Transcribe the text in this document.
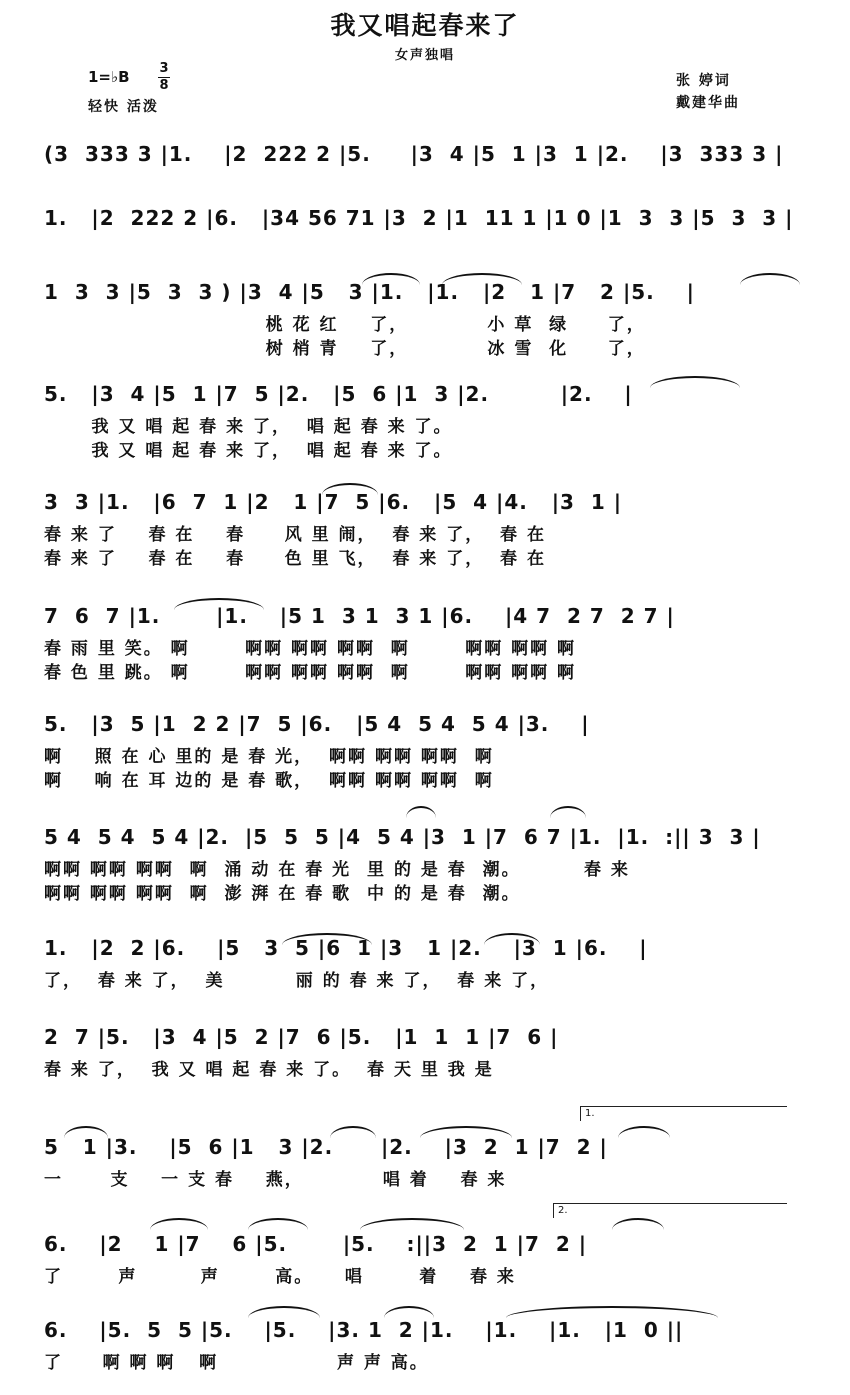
我又唱起春来了
女声独唱
1=♭B 3
8
轻快 活泼
张 婷词
戴建华曲
(3  333 3 |1.    |2  222 2 |5.     |3  4 |5  1 |3  1 |2.    |3  333 3 |
1.   |2  222 2 |6.   |34 56 71 |3  2 |1  11 1 |1 0 |1  3  3 |5  3  3 |
1  3  3 |5  3  3 ) |3  4 |5   3 |1.   |1.   |2   1 |7   2 |5.    |
桃 花 红    了，          小 草  绿     了，
树 梢 青    了，          冰 雪  化     了，
5.   |3  4 |5  1 |7  5 |2.   |5  6 |1  3 |2.         |2.    |
我 又 唱 起 春 来 了，  唱 起 春 来 了。
我 又 唱 起 春 来 了，  唱 起 春 来 了。
3  3 |1.   |6  7  1 |2   1 |7  5 |6.   |5  4 |4.   |3  1 |
春 来 了    春 在    春     风 里 闹，  春 来 了，  春 在
春 来 了    春 在    春     色 里 飞，  春 来 了，  春 在
7  6  7 |1.       |1.    |5 1  3 1  3 1 |6.    |4 7  2 7  2 7 |
春 雨 里 笑。 啊       啊啊 啊啊 啊啊  啊       啊啊 啊啊 啊
春 色 里 跳。 啊       啊啊 啊啊 啊啊  啊       啊啊 啊啊 啊
5.   |3  5 |1  2 2 |7  5 |6.   |5 4  5 4  5 4 |3.    |
啊    照 在 心 里的 是 春 光，  啊啊 啊啊 啊啊  啊
啊    响 在 耳 边的 是 春 歌，  啊啊 啊啊 啊啊  啊
5 4  5 4  5 4 |2.  |5  5  5 |4  5 4 |3  1 |7  6 7 |1.  |1.  :|| 3  3 |
啊啊 啊啊 啊啊  啊  涌 动 在 春 光  里 的 是 春  潮。        春 来
啊啊 啊啊 啊啊  啊  澎 湃 在 春 歌  中 的 是 春  潮。
1.   |2  2 |6.    |5   3  5 |6  1 |3   1 |2.    |3  1 |6.    |
了，  春 来 了，  美         丽 的 春 来 了，  春 来 了，
2  7 |5.   |3  4 |5  2 |7  6 |5.   |1  1  1 |7  6 |
春 来 了，  我 又 唱 起 春 来 了。  春 天 里 我 是
5   1 |3.    |5  6 |1   3 |2.      |2.    |3  2  1 |7  2 |
一      支    一 支 春    燕，          唱 着    春 来
6.    |2    1 |7    6 |5.       |5.    :||3  2  1 |7  2 |
了       声        声       高。    唱       着    春 来
6.    |5.  5  5 |5.    |5.    |3. 1  2 |1.    |1.    |1.   |1  0 ||
了     啊 啊 啊   啊               声 声 高。
1.
2.
